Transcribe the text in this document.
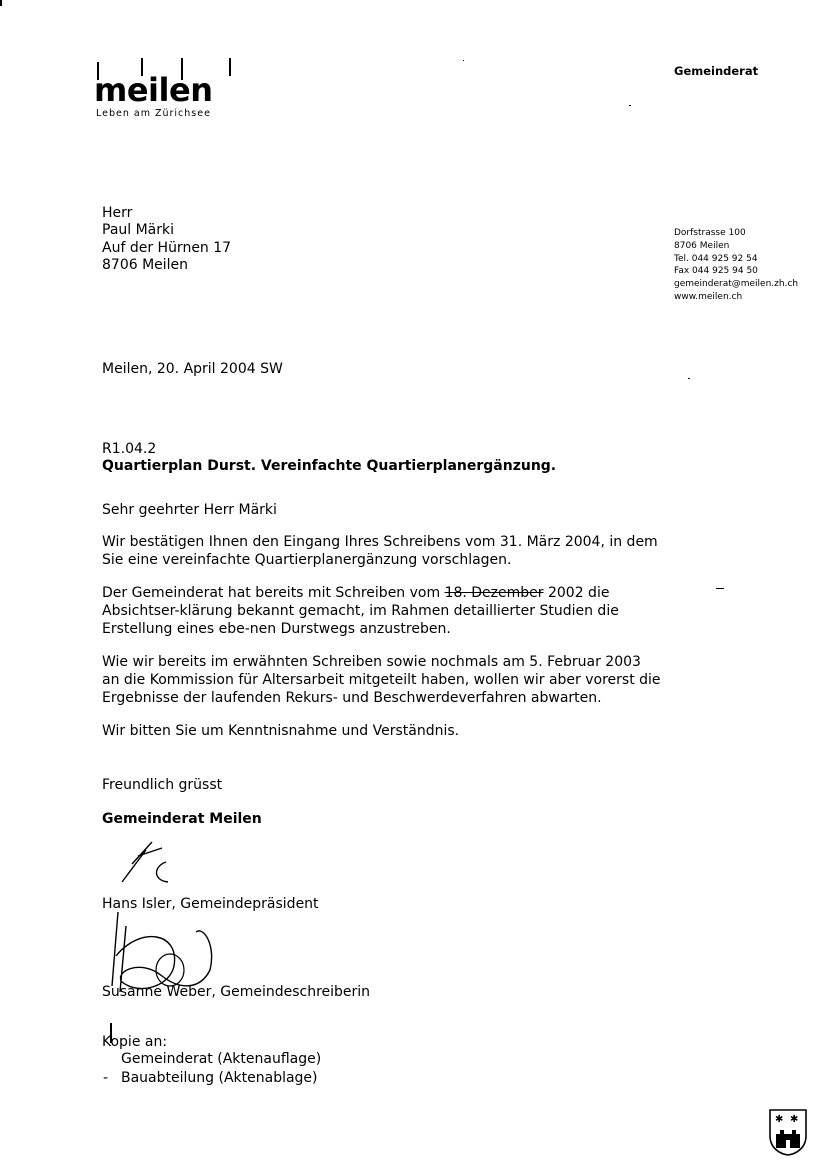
meilen
Leben am Zürichsee
Gemeinderat
Herr
Paul Märki
Auf der Hürnen 17
8706 Meilen
Dorfstrasse 100
8706 Meilen
Tel. 044 925 92 54
Fax 044 925 94 50
gemeinderat@meilen.zh.ch
www.meilen.ch
Meilen, 20. April 2004 SW
R1.04.2
Quartierplan Durst. Vereinfachte Quartierplanergänzung.
Sehr geehrter Herr Märki
Wir bestätigen Ihnen den Eingang Ihres Schreibens vom 31. März 2004, in dem Sie eine vereinfachte Quartierplanergänzung vorschlagen.
Der Gemeinderat hat bereits mit Schreiben vom 18. Dezember 2002 die Absichtser-klärung bekannt gemacht, im Rahmen detaillierter Studien die Erstellung eines ebe-nen Durstwegs anzustreben.
Wie wir bereits im erwähnten Schreiben sowie nochmals am 5. Februar 2003 an die Kommission für Altersarbeit mitgeteilt haben, wollen wir aber vorerst die Ergebnisse der laufenden Rekurs- und Beschwerdeverfahren abwarten.
Wir bitten Sie um Kenntnisnahme und Verständnis.
Freundlich grüsst
Gemeinderat Meilen
Hans Isler, Gemeindepräsident
Susanne Weber, Gemeindeschreiberin
Kopie an:
Gemeinderat (Aktenauflage)
- Bauabteilung (Aktenablage)
✱ ✱
